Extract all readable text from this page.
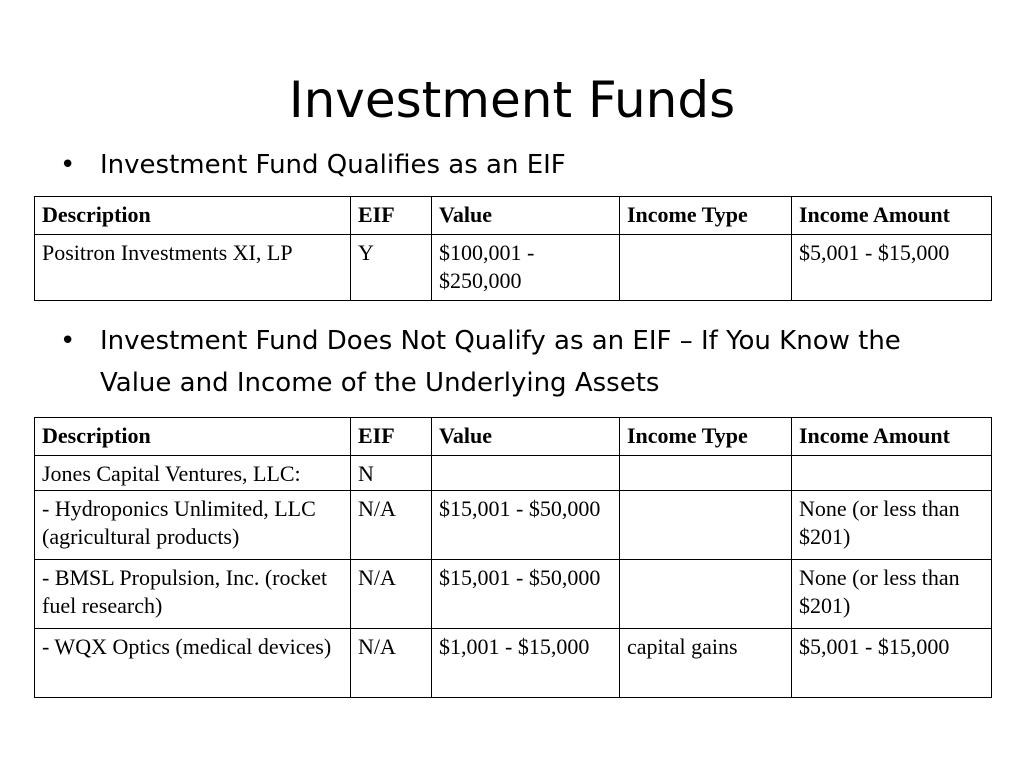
Investment Funds
• Investment Fund Qualifies as an EIF
Description	EIF	Value	Income Type	Income Amount
Positron Investments XI, LP	Y	$100,001 - $250,000		$5,001 - $15,000
• Investment Fund Does Not Qualify as an EIF – If You Know the Value and Income of the Underlying Assets
Description	EIF	Value	Income Type	Income Amount
Jones Capital Ventures, LLC:	N			
- Hydroponics Unlimited, LLC (agricultural products)	N/A	$15,001 - $50,000		None (or less than $201)
- BMSL Propulsion, Inc. (rocket fuel research)	N/A	$15,001 - $50,000		None (or less than $201)
- WQX Optics (medical devices)	N/A	$1,001 - $15,000	capital gains	$5,001 - $15,000
